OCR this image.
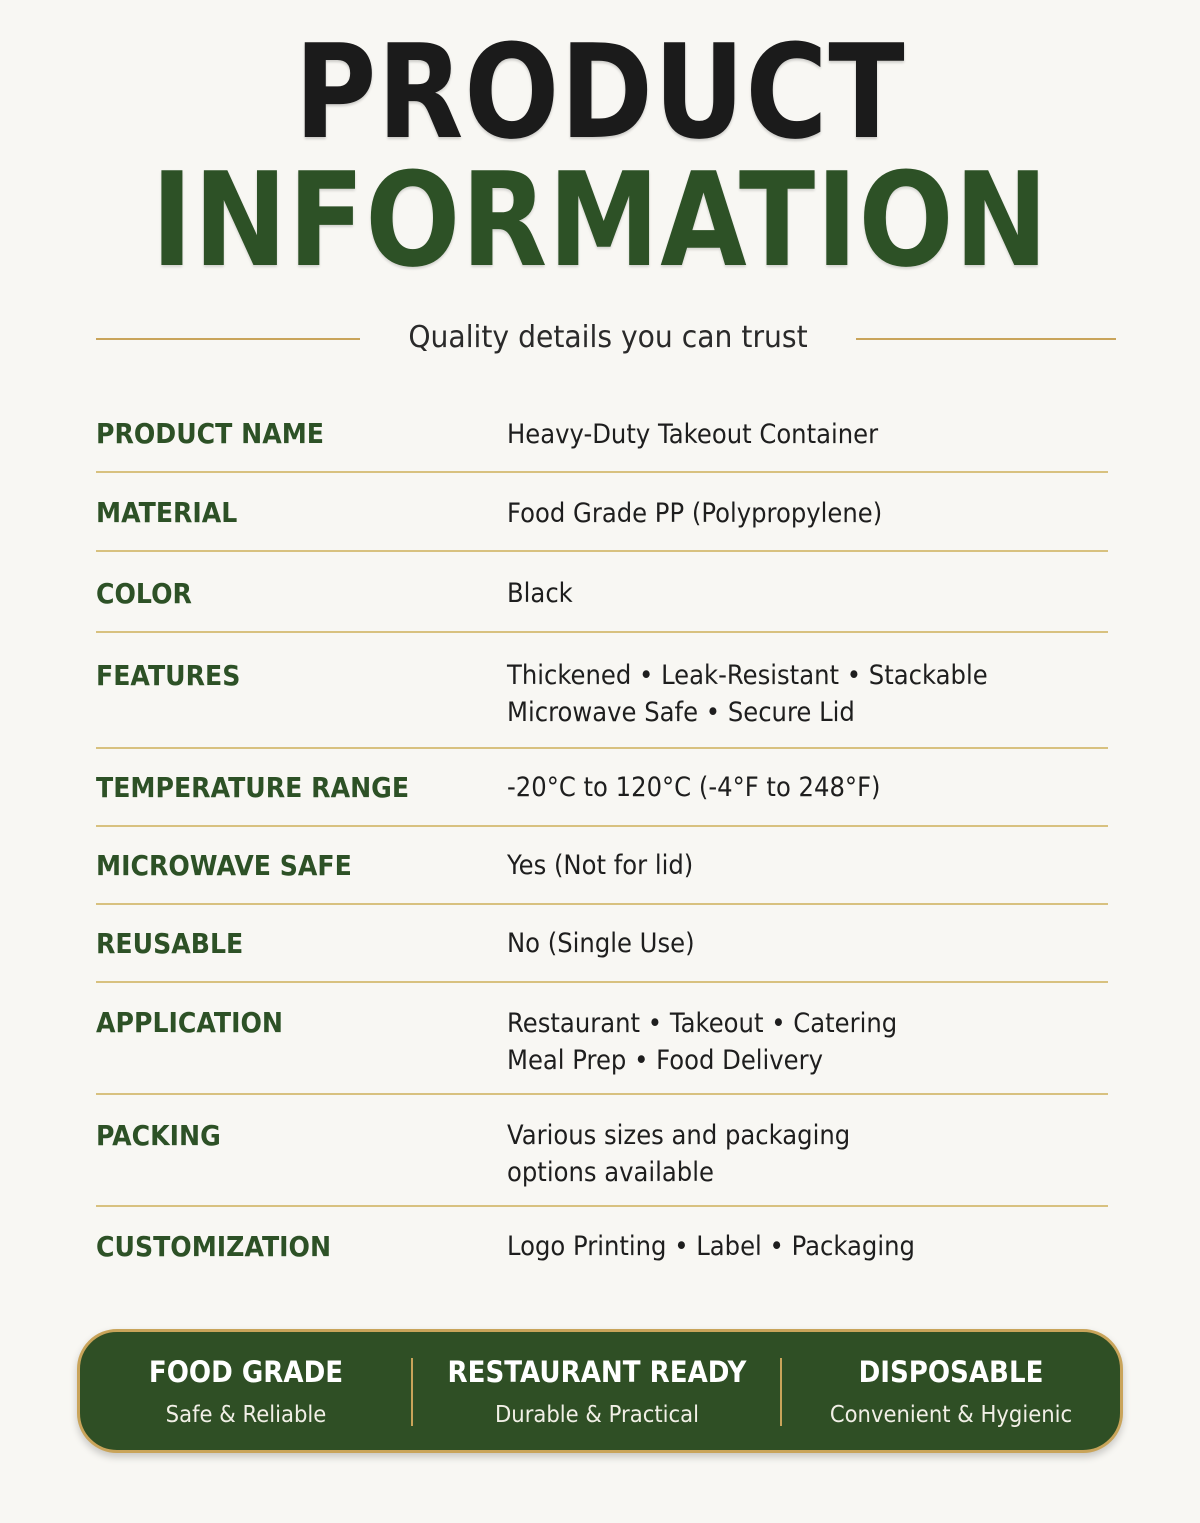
PRODUCT
INFORMATION
Quality details you can trust
PRODUCT NAME	Heavy-Duty Takeout Container
MATERIAL	Food Grade PP (Polypropylene)
COLOR	Black
FEATURES	Thickened • Leak-Resistant • Stackable
Microwave Safe • Secure Lid
TEMPERATURE RANGE	-20°C to 120°C (-4°F to 248°F)
MICROWAVE SAFE	Yes (Not for lid)
REUSABLE	No (Single Use)
APPLICATION	Restaurant • Takeout • Catering
Meal Prep • Food Delivery
PACKING	Various sizes and packaging
options available
CUSTOMIZATION	Logo Printing • Label • Packaging
FOOD GRADE
Safe & Reliable
RESTAURANT READY
Durable & Practical
DISPOSABLE
Convenient & Hygienic
